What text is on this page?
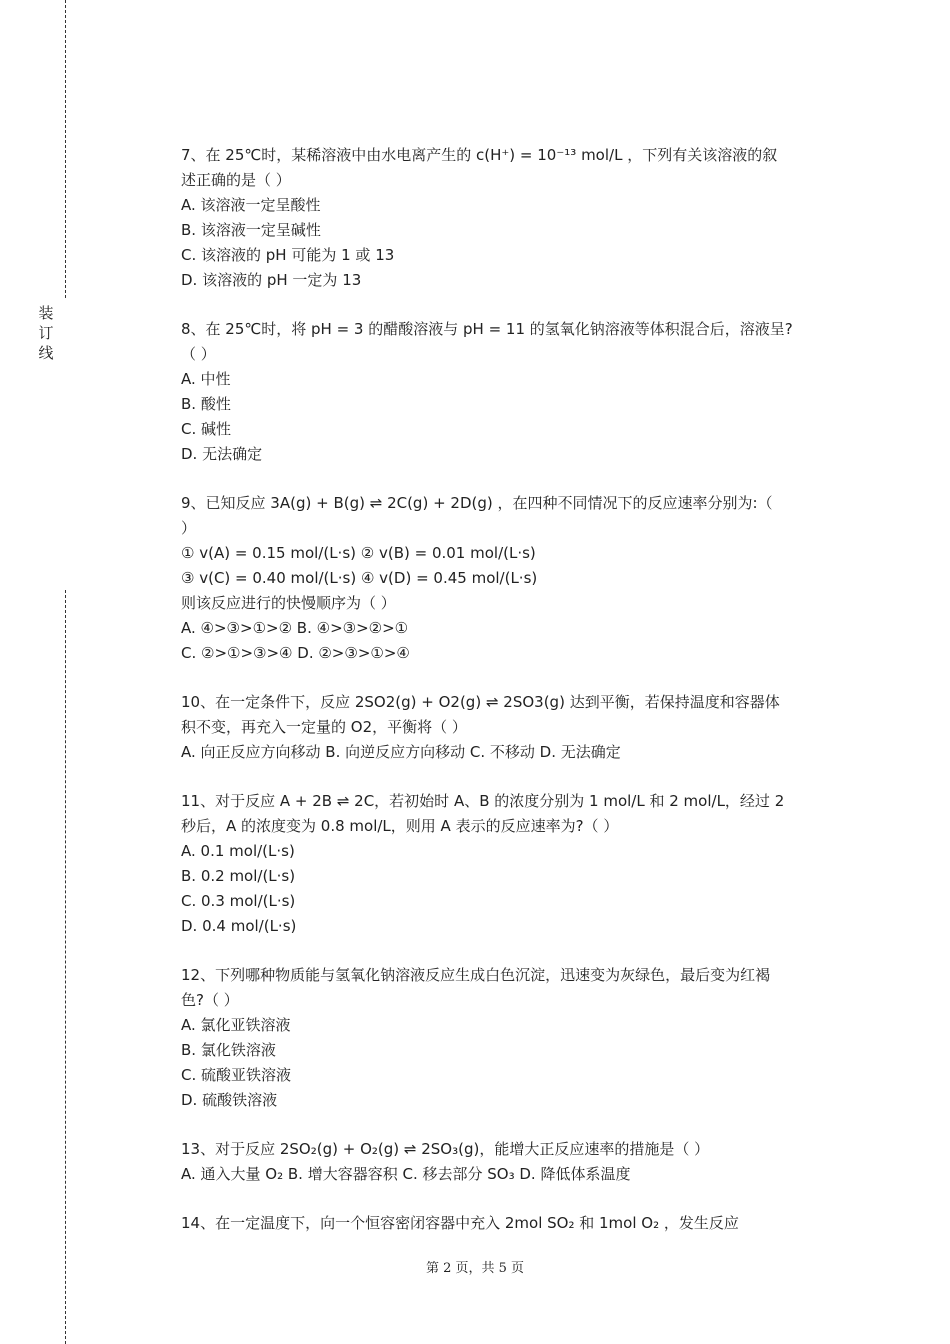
装
订
线
7、在 25℃时，某稀溶液中由水电离产生的 c(H⁺) = 10⁻¹³ mol/L ，下列有关该溶液的叙
述正确的是（ ）
A. 该溶液一定呈酸性
B. 该溶液一定呈碱性
C. 该溶液的 pH 可能为 1 或 13
D. 该溶液的 pH 一定为 13
8、在 25℃时，将 pH = 3 的醋酸溶液与 pH = 11 的氢氧化钠溶液等体积混合后，溶液呈?
（ ）
A. 中性
B. 酸性
C. 碱性
D. 无法确定
9、已知反应 3A(g) + B(g) ⇌ 2C(g) + 2D(g) ，在四种不同情况下的反应速率分别为:（
）
① v(A) = 0.15 mol/(L·s) ② v(B) = 0.01 mol/(L·s)
③ v(C) = 0.40 mol/(L·s) ④ v(D) = 0.45 mol/(L·s)
则该反应进行的快慢顺序为（ ）
A. ④>③>①>② B. ④>③>②>①
C. ②>①>③>④ D. ②>③>①>④
10、在一定条件下，反应 2SO2(g) + O2(g) ⇌ 2SO3(g) 达到平衡，若保持温度和容器体
积不变，再充入一定量的 O2，平衡将（ ）
A. 向正反应方向移动 B. 向逆反应方向移动 C. 不移动 D. 无法确定
11、对于反应 A + 2B ⇌ 2C，若初始时 A、B 的浓度分别为 1 mol/L 和 2 mol/L，经过 2
秒后，A 的浓度变为 0.8 mol/L，则用 A 表示的反应速率为?（ ）
A. 0.1 mol/(L·s)
B. 0.2 mol/(L·s)
C. 0.3 mol/(L·s)
D. 0.4 mol/(L·s)
12、下列哪种物质能与氢氧化钠溶液反应生成白色沉淀，迅速变为灰绿色，最后变为红褐
色?（ ）
A. 氯化亚铁溶液
B. 氯化铁溶液
C. 硫酸亚铁溶液
D. 硫酸铁溶液
13、对于反应 2SO₂(g) + O₂(g) ⇌ 2SO₃(g)，能增大正反应速率的措施是（ ）
A. 通入大量 O₂ B. 增大容器容积 C. 移去部分 SO₃ D. 降低体系温度
14、在一定温度下，向一个恒容密闭容器中充入 2mol SO₂ 和 1mol O₂ ，发生反应
第 2 页，共 5 页
